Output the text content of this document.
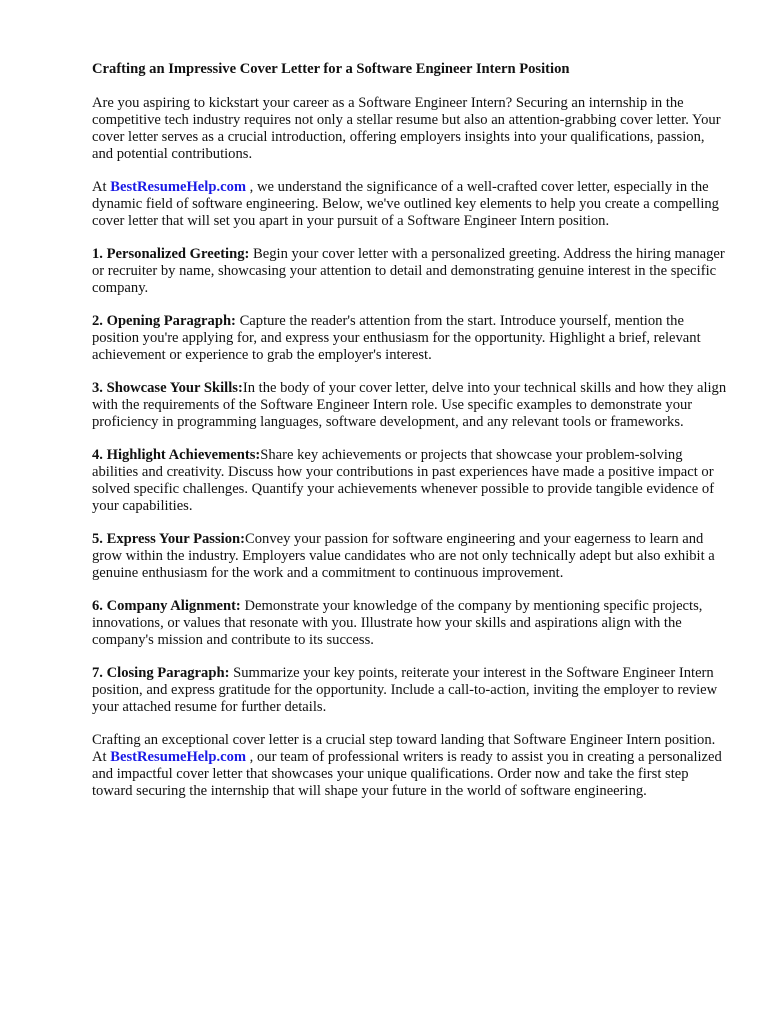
Crafting an Impressive Cover Letter for a Software Engineer Intern Position

Are you aspiring to kickstart your career as a Software Engineer Intern? Securing an internship in the competitive tech industry requires not only a stellar resume but also an attention-grabbing cover letter. Your cover letter serves as a crucial introduction, offering employers insights into your qualifications, passion, and potential contributions.

At BestResumeHelp.com , we understand the significance of a well-crafted cover letter, especially in the dynamic field of software engineering. Below, we've outlined key elements to help you create a compelling cover letter that will set you apart in your pursuit of a Software Engineer Intern position.

1. Personalized Greeting: Begin your cover letter with a personalized greeting. Address the hiring manager or recruiter by name, showcasing your attention to detail and demonstrating genuine interest in the specific company.

2. Opening Paragraph: Capture the reader's attention from the start. Introduce yourself, mention the position you're applying for, and express your enthusiasm for the opportunity. Highlight a brief, relevant achievement or experience to grab the employer's interest.

3. Showcase Your Skills:In the body of your cover letter, delve into your technical skills and how they align with the requirements of the Software Engineer Intern role. Use specific examples to demonstrate your proficiency in programming languages, software development, and any relevant tools or frameworks.

4. Highlight Achievements:Share key achievements or projects that showcase your problem-solving abilities and creativity. Discuss how your contributions in past experiences have made a positive impact or solved specific challenges. Quantify your achievements whenever possible to provide tangible evidence of your capabilities.

5. Express Your Passion:Convey your passion for software engineering and your eagerness to learn and grow within the industry. Employers value candidates who are not only technically adept but also exhibit a genuine enthusiasm for the work and a commitment to continuous improvement.

6. Company Alignment: Demonstrate your knowledge of the company by mentioning specific projects, innovations, or values that resonate with you. Illustrate how your skills and aspirations align with the company's mission and contribute to its success.

7. Closing Paragraph: Summarize your key points, reiterate your interest in the Software Engineer Intern position, and express gratitude for the opportunity. Include a call-to-action, inviting the employer to review your attached resume for further details.

Crafting an exceptional cover letter is a crucial step toward landing that Software Engineer Intern position. At BestResumeHelp.com , our team of professional writers is ready to assist you in creating a personalized and impactful cover letter that showcases your unique qualifications. Order now and take the first step toward securing the internship that will shape your future in the world of software engineering.
